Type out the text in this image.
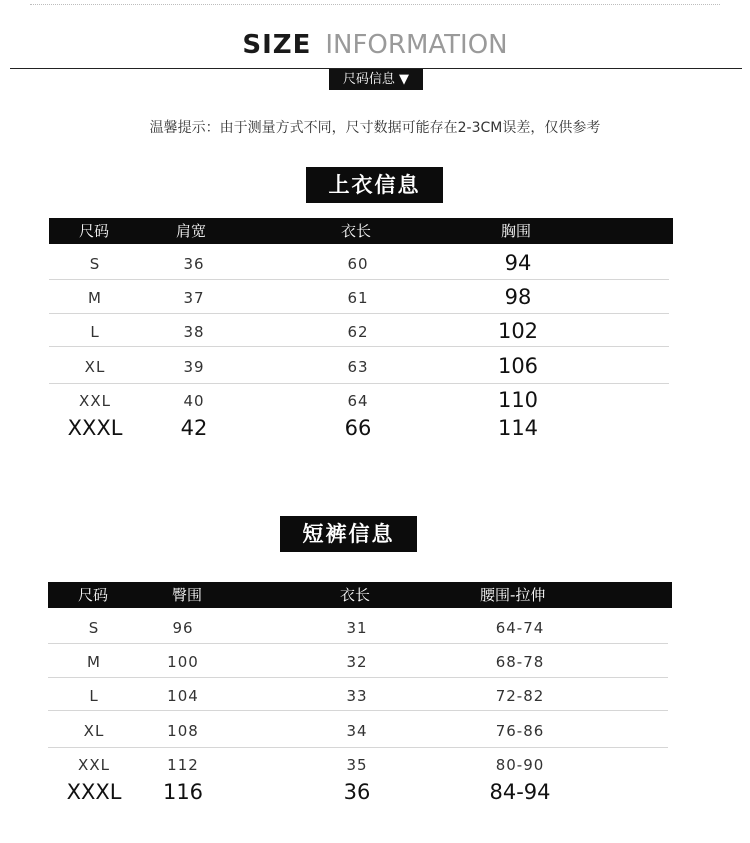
SIZE INFORMATION
尺码信息 ▼
温馨提示：由于测量方式不同，尺寸数据可能存在2-3CM误差，仅供参考
上衣信息
尺码	肩宽	衣长	胸围
S	36	60	94
M	37	61	98
L	38	62	102
XL	39	63	106
XXL	40	64	110
XXXL	42	66	114
短裤信息
尺码	臀围	衣长	腰围-拉伸
S	96	31	64-74
M	100	32	68-78
L	104	33	72-82
XL	108	34	76-86
XXL	112	35	80-90
XXXL 116	36	84-94
